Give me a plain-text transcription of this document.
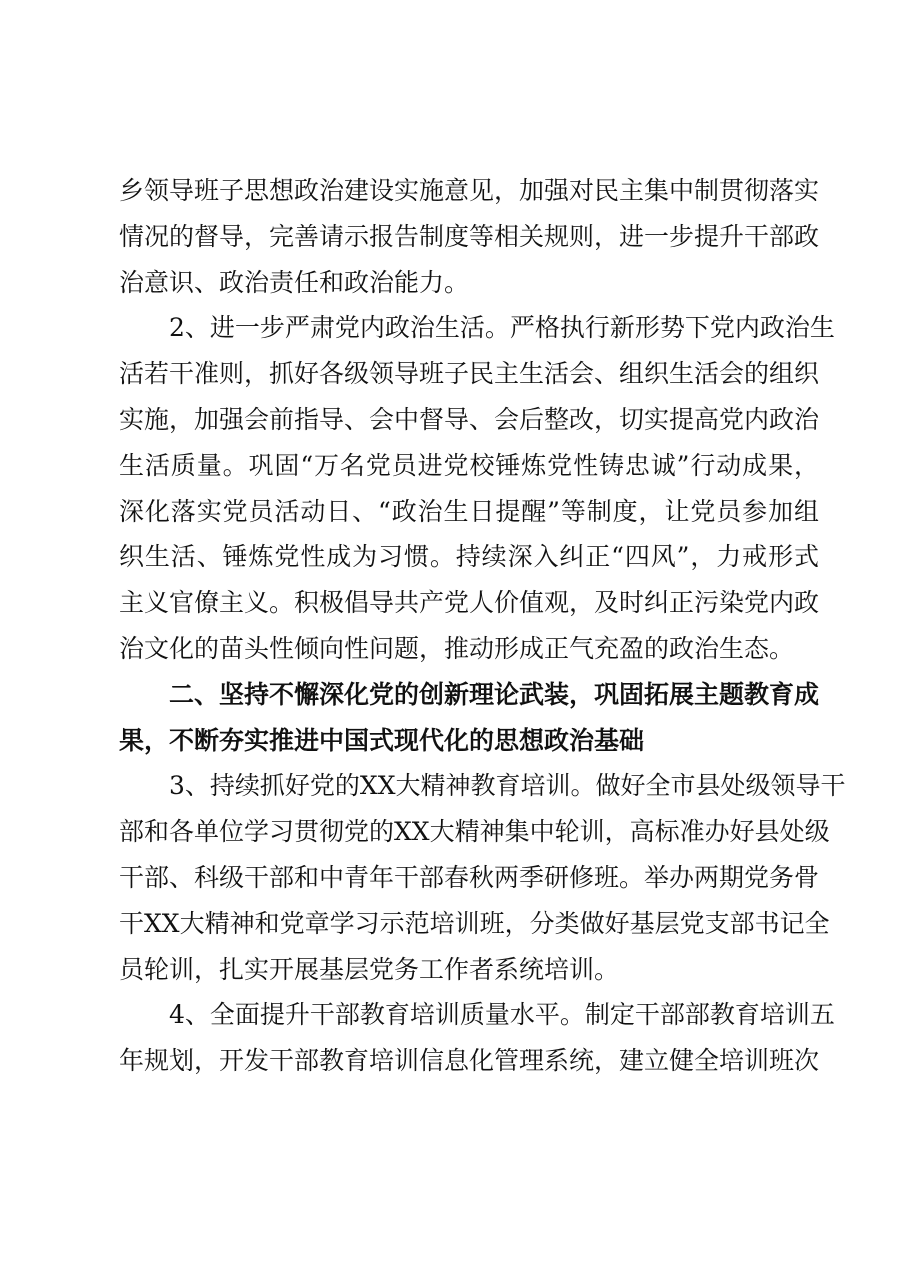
乡领导班子思想政治建设实施意见，加强对民主集中制贯彻落实
情况的督导，完善请示报告制度等相关规则，进一步提升干部政
治意识、政治责任和政治能力。
2、进一步严肃党内政治生活。严格执行新形势下党内政治生
活若干准则，抓好各级领导班子民主生活会、组织生活会的组织
实施，加强会前指导、会中督导、会后整改，切实提高党内政治
生活质量。巩固“万名党员进党校锤炼党性铸忠诚”行动成果，
深化落实党员活动日、“政治生日提醒”等制度，让党员参加组
织生活、锤炼党性成为习惯。持续深入纠正“四风”，力戒形式
主义官僚主义。积极倡导共产党人价值观，及时纠正污染党内政
治文化的苗头性倾向性问题，推动形成正气充盈的政治生态。
二、坚持不懈深化党的创新理论武装，巩固拓展主题教育成
果，不断夯实推进中国式现代化的思想政治基础
3、持续抓好党的XX大精神教育培训。做好全市县处级领导干
部和各单位学习贯彻党的XX大精神集中轮训，高标准办好县处级
干部、科级干部和中青年干部春秋两季研修班。举办两期党务骨
干XX大精神和党章学习示范培训班，分类做好基层党支部书记全
员轮训，扎实开展基层党务工作者系统培训。
4、全面提升干部教育培训质量水平。制定干部部教育培训五
年规划，开发干部教育培训信息化管理系统，建立健全培训班次
